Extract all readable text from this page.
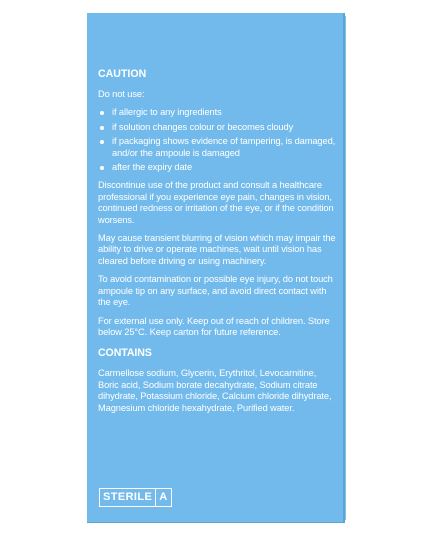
CAUTION
Do not use:
if allergic to any ingredients
if solution changes colour or becomes cloudy
if packaging shows evidence of tampering, is damaged, and/or the ampoule is damaged
after the expiry date
Discontinue use of the product and consult a healthcare professional if you experience eye pain, changes in vision, continued redness or irritation of the eye, or if the condition worsens.
May cause transient blurring of vision which may impair the ability to drive or operate machines, wait until vision has cleared before driving or using machinery.
To avoid contamination or possible eye injury, do not touch ampoule tip on any surface, and avoid direct contact with the eye.
For external use only. Keep out of reach of children. Store below 25°C. Keep carton for future reference.
CONTAINS
Carmellose sodium, Glycerin, Erythritol, Levocarnitine, Boric acid, Sodium borate decahydrate, Sodium citrate dihydrate, Potassium chloride, Calcium chloride dihydrate, Magnesium chloride hexahydrate, Purified water.
STERILE A
